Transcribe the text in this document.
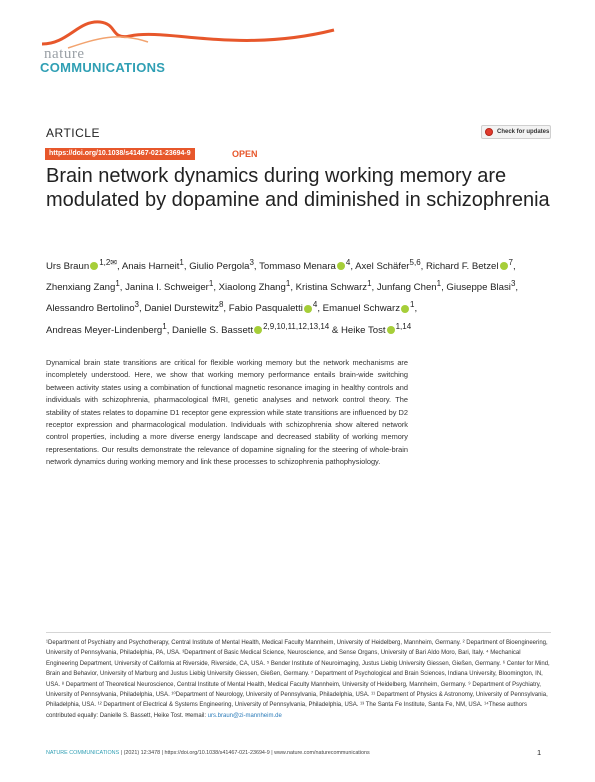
nature
COMMUNICATIONS
ARTICLE	Check for updates
https://doi.org/10.1038/s41467-021-23694-9	OPEN
Brain network dynamics during working memory are modulated by dopamine and diminished in schizophrenia
Urs Braun $^{1,2✉}$, Anais Harneit$^1$, Giulio Pergola$^3$, Tommaso Menara $^4$, Axel Schäfer$^{5,6}$, Richard F. Betzel $^7$,
Zhenxiang Zang$^1$, Janina I. Schweiger$^1$, Xiaolong Zhang$^1$, Kristina Schwarz$^1$, Junfang Chen$^1$, Giuseppe Blasi$^3$,
Alessandro Bertolino$^3$, Daniel Durstewitz$^8$, Fabio Pasqualetti $^4$, Emanuel Schwarz $^1$,
Andreas Meyer-Lindenberg$^1$, Danielle S. Bassett $^{2,9,10,11,12,13,14}$ & Heike Tost $^{1,14}$

Dynamical brain state transitions are critical for flexible working memory but the network mechanisms are incompletely understood. Here, we show that working memory performance entails brain-wide switching between activity states using a combination of functional magnetic resonance imaging in healthy controls and individuals with schizophrenia, pharmacological fMRI, genetic analyses and network control theory. The stability of states relates to dopamine D1 receptor gene expression while state transitions are influenced by D2 receptor expression and pharmacological modulation. Individuals with schizophrenia show altered network control properties, including a more diverse energy landscape and decreased stability of working memory representations. Our results demonstrate the relevance of dopamine signaling for the steering of whole-brain network dynamics during working memory and link these processes to schizophrenia pathophysiology.

¹Department of Psychiatry and Psychotherapy, Central Institute of Mental Health, Medical Faculty Mannheim, University of Heidelberg, Mannheim, Germany. ² Department of Bioengineering, University of Pennsylvania, Philadelphia, PA, USA. ³Department of Basic Medical Science, Neuroscience, and Sense Organs, University of Bari Aldo Moro, Bari, Italy. ⁴ Mechanical Engineering Department, University of California at Riverside, Riverside, CA, USA. ⁵ Bender Institute of Neuroimaging, Justus Liebig University Giessen, Gießen, Germany. ⁶ Center for Mind, Brain and Behavior, University of Marburg and Justus Liebig University Giessen, Gießen, Germany. ⁷ Department of Psychological and Brain Sciences, Indiana University, Bloomington, IN, USA. ⁸ Department of Theoretical Neuroscience, Central Institute of Mental Health, Medical Faculty Mannheim, University of Heidelberg, Mannheim, Germany. ⁹ Department of Psychiatry, University of Pennsylvania, Philadelphia, USA. ¹⁰Department of Neurology, University of Pennsylvania, Philadelphia, USA. ¹¹ Department of Physics & Astronomy, University of Pennsylvania, Philadelphia, USA. ¹² Department of Electrical & Systems Engineering, University of Pennsylvania, Philadelphia, USA. ¹³ The Santa Fe Institute, Santa Fe, NM, USA. ¹⁴These authors contributed equally: Danielle S. Bassett, Heike Tost. ✉email: urs.braun@zi-mannheim.de
NATURE COMMUNICATIONS | (2021) 12:3478 | https://doi.org/10.1038/s41467-021-23694-9 | www.nature.com/naturecommunications	1
